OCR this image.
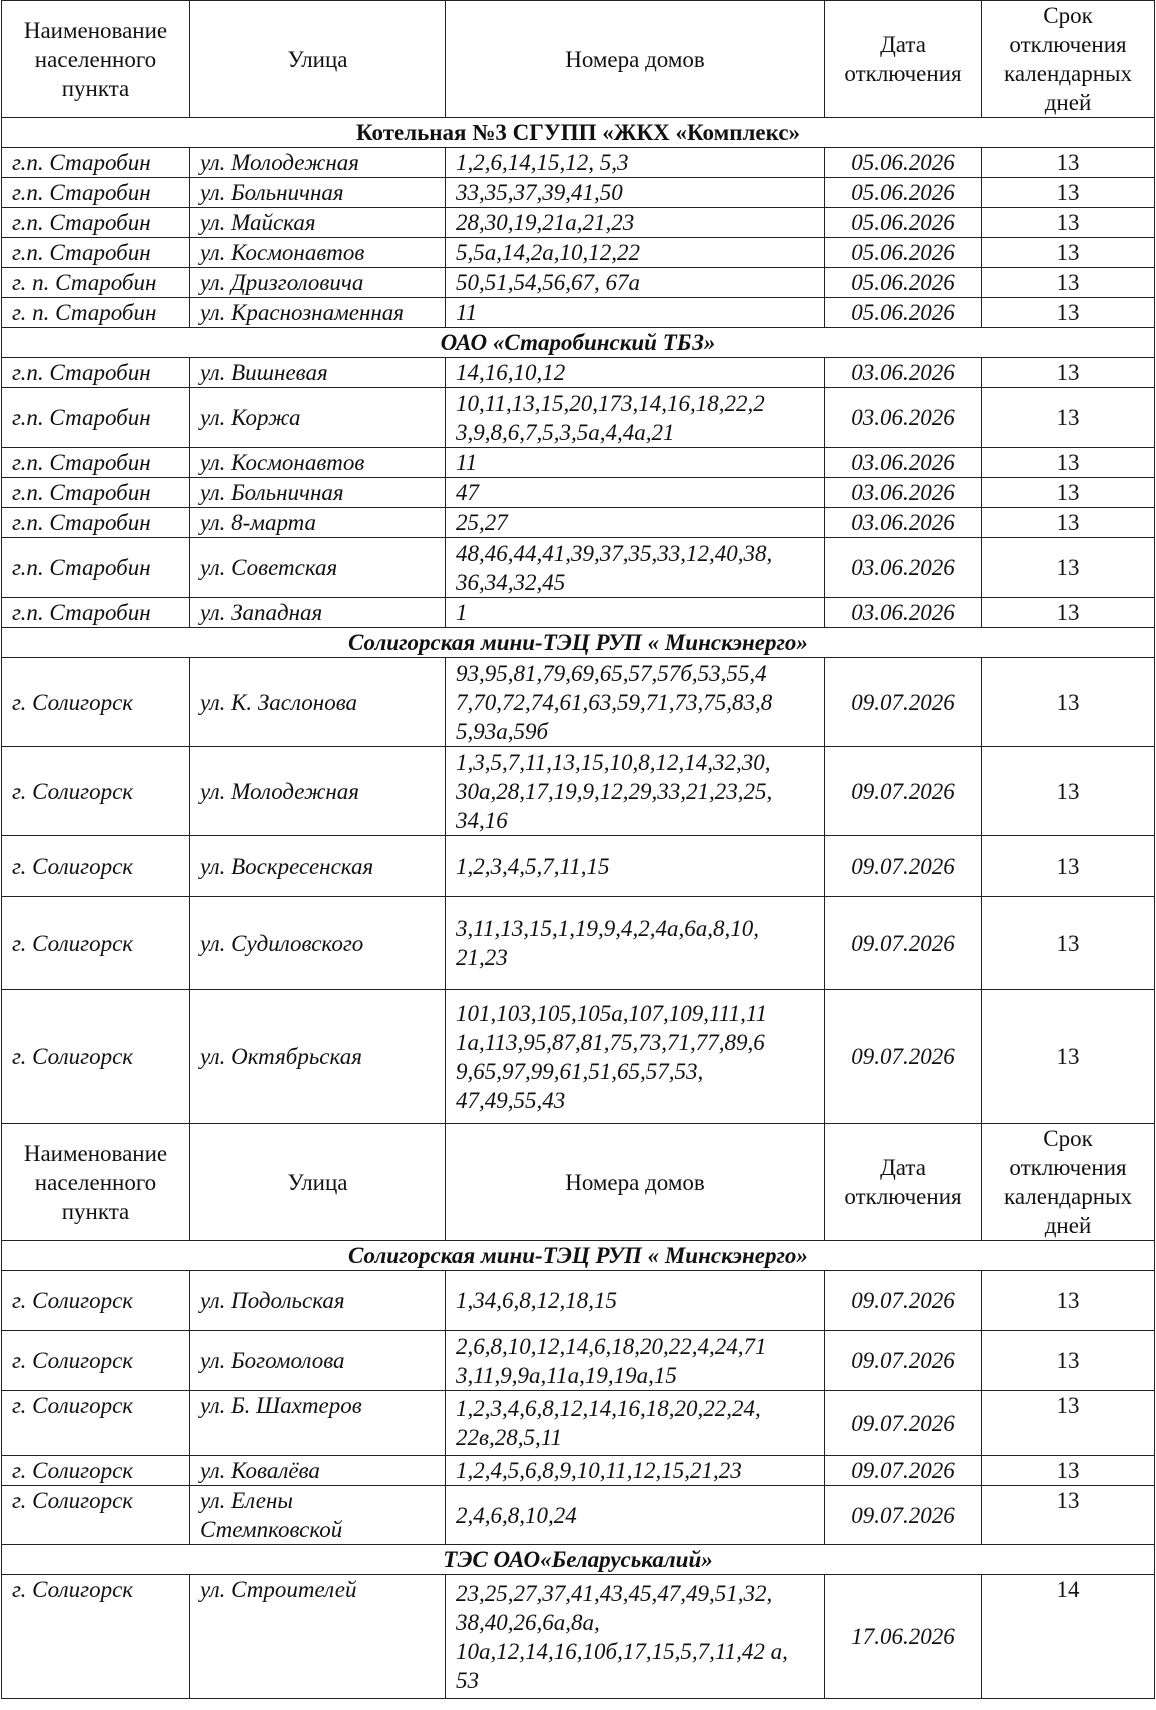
Наименование населенного пункта	Улица	Номера домов	Дата отключения	Срок отключения календарных дней
Котельная №3 СГУПП «ЖКХ «Комплекс»				
г.п. Старобин	ул. Молодежная	1,2,6,14,15,12, 5,3	05.06.2026	13
г.п. Старобин	ул. Больничная	33,35,37,39,41,50	05.06.2026	13
г.п. Старобин	ул. Майская	28,30,19,21а,21,23	05.06.2026	13
г.п. Старобин	ул. Космонавтов	5,5а,14,2а,10,12,22	05.06.2026	13
г. п. Старобин	ул. Дризголовича	50,51,54,56,67, 67а	05.06.2026	13
г. п. Старобин	ул. Краснознаменная	11	05.06.2026	13
ОАО «Старобинский ТБЗ»				
г.п. Старобин	ул. Вишневая	14,16,10,12	03.06.2026	13
г.п. Старобин	ул. Коржа	10,11,13,15,20,173,14,16,18,22,2 3,9,8,6,7,5,3,5а,4,4а,21	03.06.2026	13
г.п. Старобин	ул. Космонавтов	11	03.06.2026	13
г.п. Старобин	ул. Больничная	47	03.06.2026	13
г.п. Старобин	ул. 8-марта	25,27	03.06.2026	13
г.п. Старобин	ул. Советская	48,46,44,41,39,37,35,33,12,40,38, 36,34,32,45	03.06.2026	13
г.п. Старобин	ул. Западная	1	03.06.2026	13
Солигорская мини-ТЭЦ РУП « Минскэнерго»				
г. Солигорск	ул. К. Заслонова	93,95,81,79,69,65,57,57б,53,55,4 7,70,72,74,61,63,59,71,73,75,83,8 5,93а,59б	09.07.2026	13
г. Солигорск	ул. Молодежная	1,3,5,7,11,13,15,10,8,12,14,32,30, 30а,28,17,19,9,12,29,33,21,23,25, 34,16	09.07.2026	13
г. Солигорск	ул. Воскресенская	1,2,3,4,5,7,11,15	09.07.2026	13
г. Солигорск	ул. Судиловского	3,11,13,15,1,19,9,4,2,4а,6а,8,10, 21,23	09.07.2026	13
г. Солигорск	ул. Октябрьская	101,103,105,105а,107,109,111,11 1а,113,95,87,81,75,73,71,77,89,6 9,65,97,99,61,51,65,57,53, 47,49,55,43	09.07.2026	13
Наименование населенного пункта	Улица	Номера домов	Дата отключения	Срок отключения календарных дней
Солигорская мини-ТЭЦ РУП « Минскэнерго»				
г. Солигорск	ул. Подольская	1,34,6,8,12,18,15	09.07.2026	13
г. Солигорск	ул. Богомолова	2,6,8,10,12,14,6,18,20,22,4,24,71 3,11,9,9а,11а,19,19а,15	09.07.2026	13
г. Солигорск	ул. Б. Шахтеров	1,2,3,4,6,8,12,14,16,18,20,22,24, 22в,28,5,11	09.07.2026	13
г. Солигорск	ул. Ковалёва	1,2,4,5,6,8,9,10,11,12,15,21,23	09.07.2026	13
г. Солигорск	ул. Елены Стемпковской	2,4,6,8,10,24	09.07.2026	13
ТЭС ОАО«Беларуськалий»				
г. Солигорск	ул. Строителей	23,25,27,37,41,43,45,47,49,51,32, 38,40,26,6а,8а, 10а,12,14,16,10б,17,15,5,7,11,42 а, 53	17.06.2026	14
